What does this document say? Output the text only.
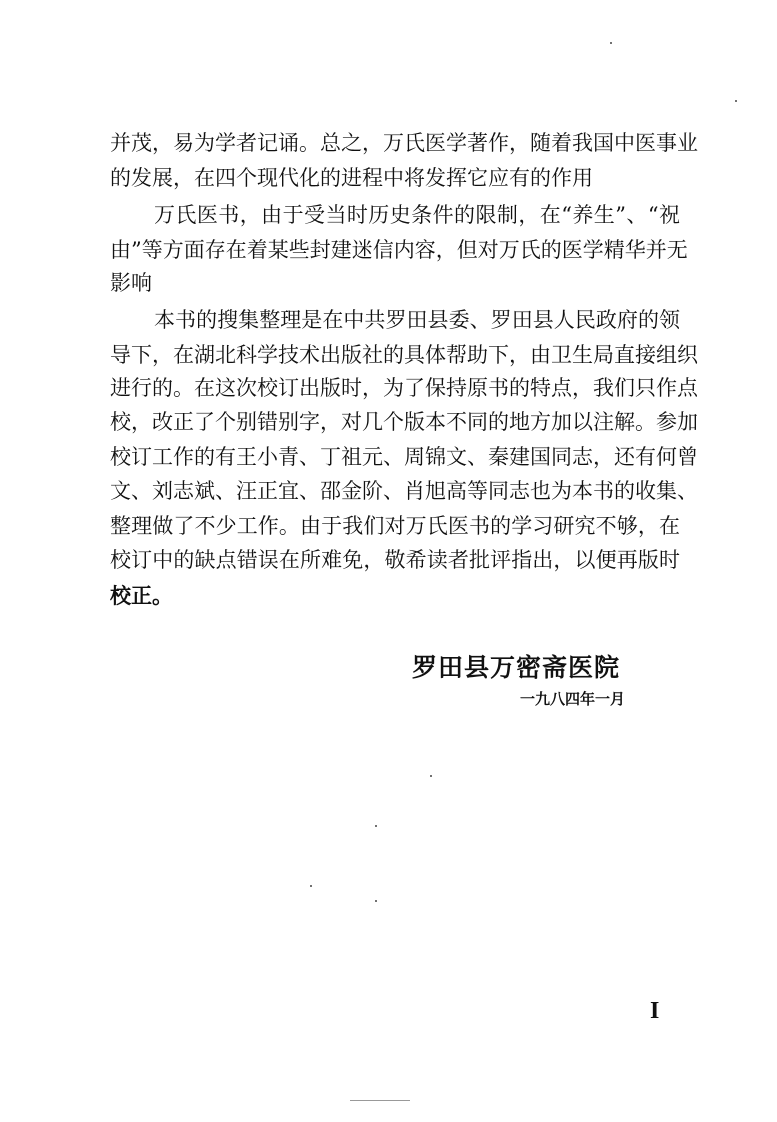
并茂，易为学者记诵。总之，万氏医学著作，随着我国中医事业
的发展，在四个现代化的进程中将发挥它应有的作用
万氏医书，由于受当时历史条件的限制，在“养生”、“祝
由”等方面存在着某些封建迷信内容，但对万氏的医学精华并无
影响
本书的搜集整理是在中共罗田县委、罗田县人民政府的领
导下，在湖北科学技术出版社的具体帮助下，由卫生局直接组织
进行的。在这次校订出版时，为了保持原书的特点，我们只作点
校，改正了个别错别字，对几个版本不同的地方加以注解。参加
校订工作的有王小青、丁祖元、周锦文、秦建国同志，还有何曾
文、刘志斌、汪正宜、邵金阶、肖旭高等同志也为本书的收集、
整理做了不少工作。由于我们对万氏医书的学习研究不够，在
校订中的缺点错误在所难免，敬希读者批评指出，以便再版时
校正。
罗田县万密斋医院
一九八四年一月
I
